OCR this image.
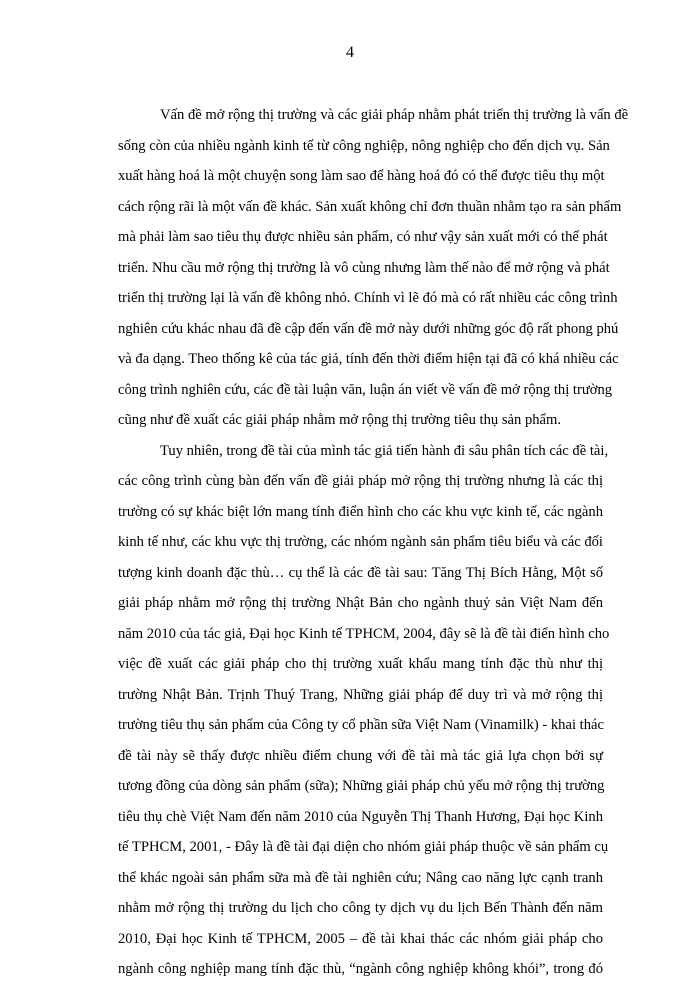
4
Vấn đề mở rộng thị trường và các giải pháp nhằm phát triển thị trường là vấn đề
sống còn của nhiều ngành kinh tế từ công nghiệp, nông nghiệp cho đến dịch vụ. Sản
xuất hàng hoá là một chuyện song làm sao để hàng hoá đó có thể được tiêu thụ một
cách rộng rãi là một vấn đề khác. Sản xuất không chỉ đơn thuần nhằm tạo ra sản phẩm
mà phải làm sao tiêu thụ được nhiều sản phẩm, có như vậy sản xuất mới có thể phát
triển. Nhu cầu mở rộng thị trường là vô cùng nhưng làm thế nào để mở rộng và phát
triển thị trường lại là vấn đề không nhỏ. Chính vì lẽ đó mà có rất nhiều các công trình
nghiên cứu khác nhau đã đề cập đến vấn đề mở này dưới những góc độ rất phong phú
và đa dạng. Theo thống kê của tác giả, tính đến thời điểm hiện tại đã có khá nhiều các
công trình nghiên cứu, các đề tài luận văn, luận án viết về vấn đề mở rộng thị trường
cũng như đề xuất các giải pháp nhằm mở rộng thị trường tiêu thụ sản phẩm.
Tuy nhiên, trong đề tài của mình tác giả tiến hành đi sâu phân tích các đề tài,
các công trình cùng bàn đến vấn đề giải pháp mở rộng thị trường nhưng là các thị
trường có sự khác biệt lớn mang tính điển hình cho các khu vực kinh tế, các ngành
kinh tế như, các khu vực thị trường, các nhóm ngành sản phẩm tiêu biểu và các đối
tượng kinh doanh đặc thù… cụ thể là các đề tài sau: Tăng Thị Bích Hằng, Một số
giải pháp nhằm mở rộng thị trường Nhật Bản cho ngành thuỷ sản Việt Nam đến
năm 2010 của tác giả, Đại học Kinh tế TPHCM, 2004, đây sẽ là đề tài điển hình cho
việc đề xuất các giải pháp cho thị trường xuất khẩu mang tính đặc thù như thị
trường Nhật Bản. Trịnh Thuý Trang, Những giải pháp để duy trì và mở rộng thị
trường tiêu thụ sản phẩm của Công ty cổ phần sữa Việt Nam (Vinamilk) - khai thác
đề tài này sẽ thấy được nhiều điểm chung với đề tài mà tác giả lựa chọn bởi sự
tương đồng của dòng sản phẩm (sữa); Những giải pháp chủ yếu mở rộng thị trường
tiêu thụ chè Việt Nam đến năm 2010 của Nguyễn Thị Thanh Hương, Đại học Kinh
tế TPHCM, 2001, - Đây là đề tài đại diện cho nhóm giải pháp thuộc về sản phẩm cụ
thể khác ngoài sản phẩm sữa mà đề tài nghiên cứu; Nâng cao năng lực cạnh tranh
nhằm mở rộng thị trường du lịch cho công ty dịch vụ du lịch Bến Thành đến năm
2010, Đại học Kinh tế TPHCM, 2005 – đề tài khai thác các nhóm giải pháp cho
ngành công nghiệp mang tính đặc thù, “ngành công nghiệp không khói”, trong đó
